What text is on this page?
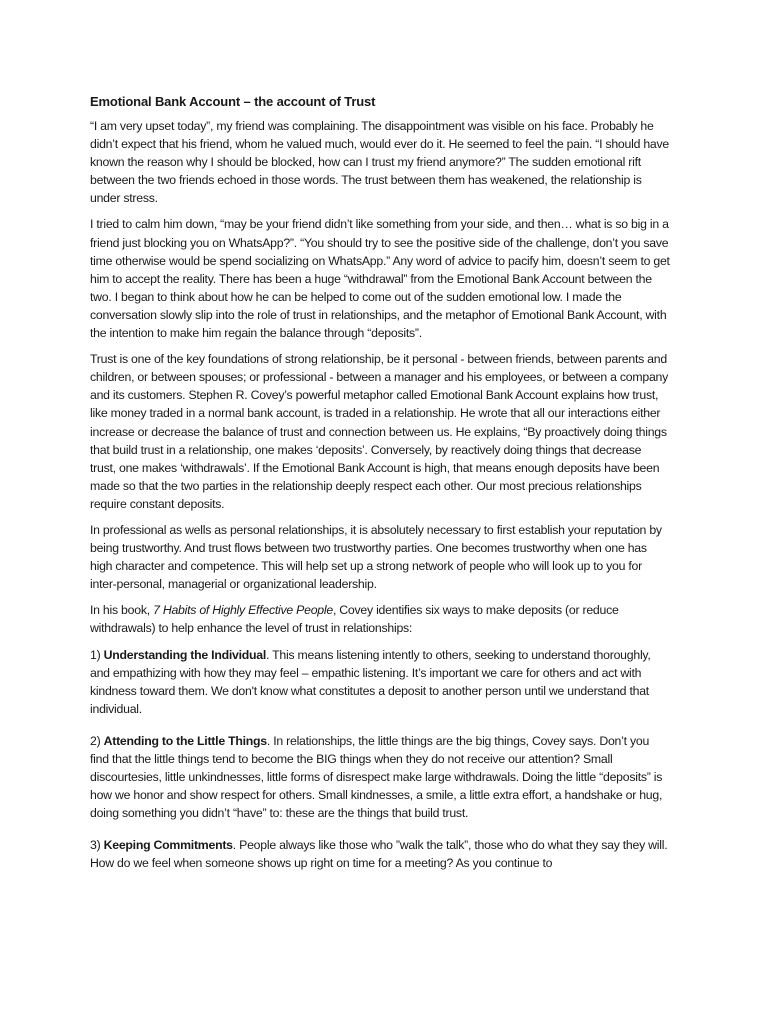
Emotional Bank Account – the account of Trust

“I am very upset today”, my friend was complaining. The disappointment was visible on his face. Probably he didn’t expect that his friend, whom he valued much, would ever do it. He seemed to feel the pain. “I should have known the reason why I should be blocked, how can I trust my friend anymore?” The sudden emotional rift between the two friends echoed in those words. The trust between them has weakened, the relationship is under stress.

I tried to calm him down, “may be your friend didn’t like something from your side, and then… what is so big in a friend just blocking you on WhatsApp?”. “You should try to see the positive side of the challenge, don’t you save time otherwise would be spend socializing on WhatsApp.” Any word of advice to pacify him, doesn’t seem to get him to accept the reality. There has been a huge “withdrawal” from the Emotional Bank Account between the two. I began to think about how he can be helped to come out of the sudden emotional low. I made the conversation slowly slip into the role of trust in relationships, and the metaphor of Emotional Bank Account, with the intention to make him regain the balance through “deposits”.

Trust is one of the key foundations of strong relationship, be it personal - between friends, between parents and children, or between spouses; or professional - between a manager and his employees, or between a company and its customers. Stephen R. Covey’s powerful metaphor called Emotional Bank Account explains how trust, like money traded in a normal bank account, is traded in a relationship. He wrote that all our interactions either increase or decrease the balance of trust and connection between us. He explains, “By proactively doing things that build trust in a relationship, one makes ‘deposits’. Conversely, by reactively doing things that decrease trust, one makes ‘withdrawals’. If the Emotional Bank Account is high, that means enough deposits have been made so that the two parties in the relationship deeply respect each other. Our most precious relationships require constant deposits.

In professional as wells as personal relationships, it is absolutely necessary to first establish your reputation by being trustworthy. And trust flows between two trustworthy parties. One becomes trustworthy when one has high character and competence. This will help set up a strong network of people who will look up to you for inter-personal, managerial or organizational leadership.

In his book, 7 Habits of Highly Effective People, Covey identifies six ways to make deposits (or reduce withdrawals) to help enhance the level of trust in relationships:

1) Understanding the Individual. This means listening intently to others, seeking to understand thoroughly, and empathizing with how they may feel – empathic listening. It’s important we care for others and act with kindness toward them. We don't know what constitutes a deposit to another person until we understand that individual.

2) Attending to the Little Things. In relationships, the little things are the big things, Covey says. Don’t you find that the little things tend to become the BIG things when they do not receive our attention? Small discourtesies, little unkindnesses, little forms of disrespect make large withdrawals. Doing the little “deposits” is how we honor and show respect for others. Small kindnesses, a smile, a little extra effort, a handshake or hug, doing something you didn’t “have” to: these are the things that build trust.

3) Keeping Commitments. People always like those who ”walk the talk”, those who do what they say they will. How do we feel when someone shows up right on time for a meeting? As you continue to
